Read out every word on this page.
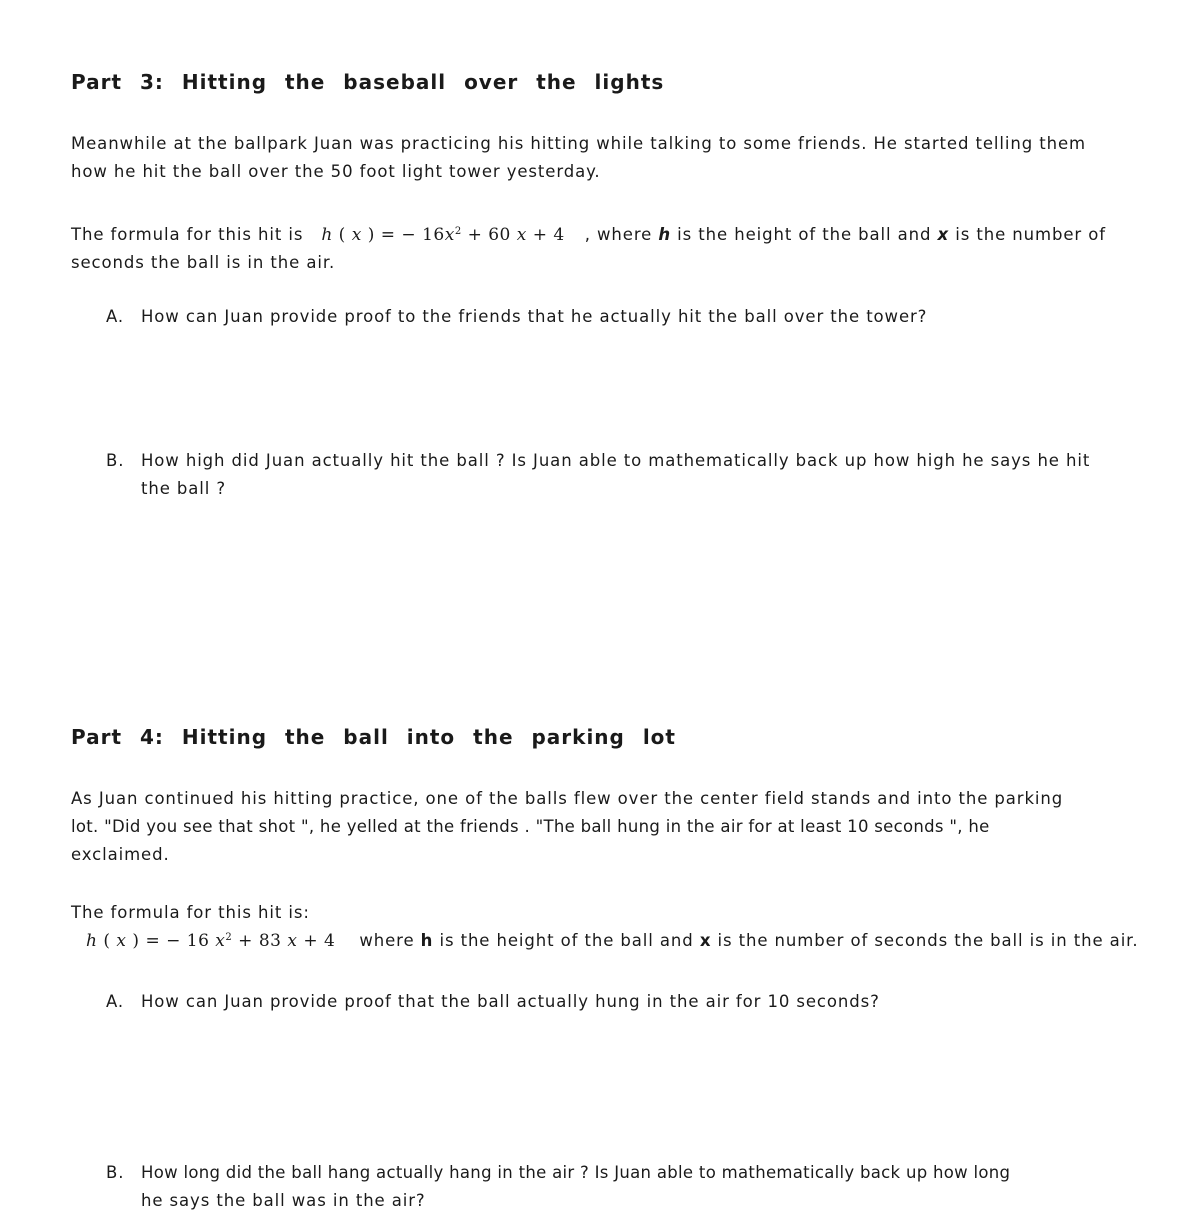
Part 3: Hitting the baseball over the lights

Meanwhile at the ballpark Juan was practicing his hitting while talking to some friends. He started telling them
how he hit the ball over the 50 foot light tower yesterday.

The formula for this hit is h ( x ) = − $16x^2 + 60$ x + 4 , where h is the height of the ball and x is the number of
seconds the ball is in the air.

A. How can Juan provide proof to the friends that he actually hit the ball over the tower?
B. How high did Juan actually hit the ball ? Is Juan able to mathematically back up how high he says he hit
the ball ?
Part 4: Hitting the ball into the parking lot

As Juan continued his hitting practice, one of the balls flew over the center field stands and into the parking
lot. "Did you see that shot ", he yelled at the friends . "The ball hung in the air for at least 10 seconds ", he
exclaimed.

The formula for this hit is:

h ( x ) = − 16 $x^2 + 83$ x + 4 where h is the height of the ball and x is the number of seconds the ball is in the air.
A. How can Juan provide proof that the ball actually hung in the air for 10 seconds?
B. How long did the ball hang actually hang in the air ? Is Juan able to mathematically back up how long
he says the ball was in the air?
